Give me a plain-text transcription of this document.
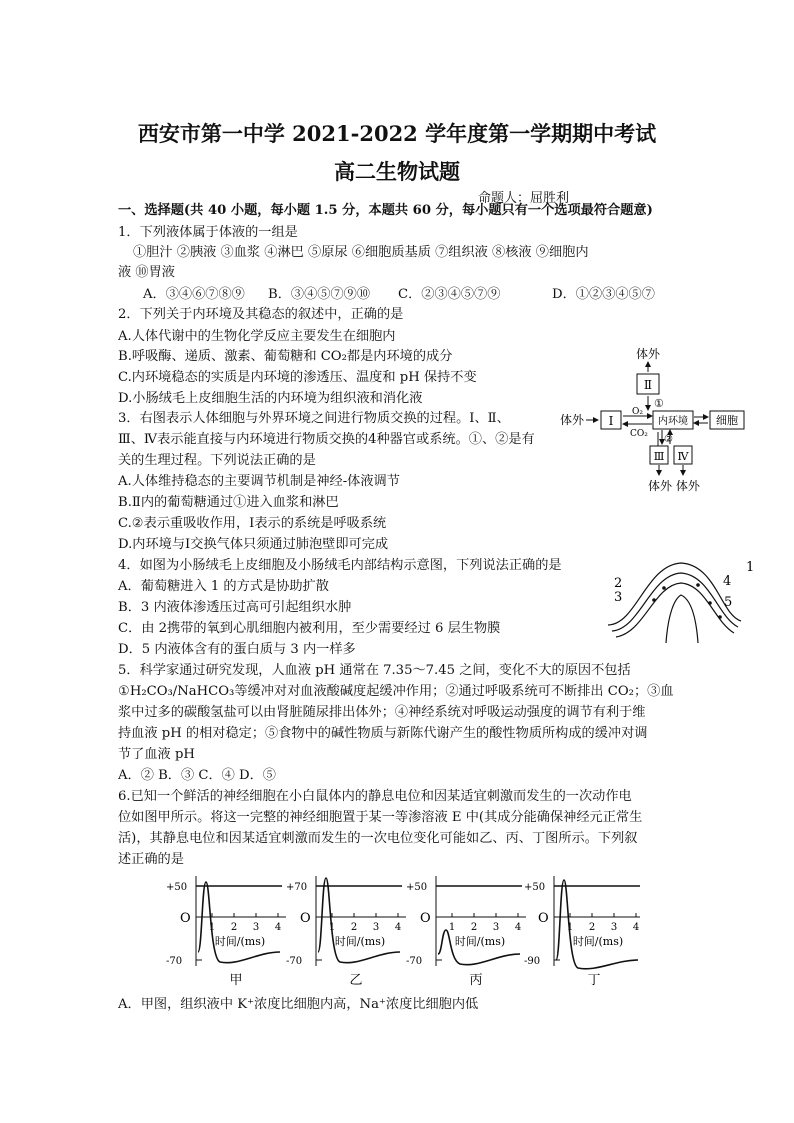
西安市第一中学 2021-2022 学年度第一学期期中考试
高二生物试题
命题人：屈胜利
一、选择题(共 40 小题，每小题 1.5 分，本题共 60 分，每小题只有一个选项最符合题意)
1．下列液体属于体液的一组是
①胆汁 ②胰液 ③血浆 ④淋巴 ⑤原尿 ⑥细胞质基质 ⑦组织液 ⑧核液 ⑨细胞内
液 ⑩胃液
A．③④⑥⑦⑧⑨ B．③④⑤⑦⑨⑩ C．②③④⑤⑦⑨	D．①②③④⑤⑦
2．下列关于内环境及其稳态的叙述中，正确的是
A.人体代谢中的生物化学反应主要发生在细胞内
B.呼吸酶、递质、激素、葡萄糖和 CO₂都是内环境的成分
C.内环境稳态的实质是内环境的渗透压、温度和 pH 保持不变
D.小肠绒毛上皮细胞生活的内环境为组织液和消化液
3．右图表示人体细胞与外界环境之间进行物质交换的过程。Ⅰ、Ⅱ、
Ⅲ、Ⅳ表示能直接与内环境进行物质交换的4种器官或系统。①、②是有
关的生理过程。下列说法正确的是
A.人体维持稳态的主要调节机制是神经-体液调节
B.Ⅱ内的葡萄糖通过①进入血浆和淋巴
C.②表示重吸收作用，Ⅰ表示的系统是呼吸系统
D.内环境与Ⅰ交换气体只须通过肺泡壁即可完成
体外
Ⅱ
①
体外 Ⅰ
O₂
CO₂
内环境	细胞
②
Ⅲ Ⅳ
体外 体外
4．如图为小肠绒毛上皮细胞及小肠绒毛内部结构示意图，下列说法正确的是
A．葡萄糖进入 1 的方式是协助扩散
B．3 内液体渗透压过高可引起组织水肿
C．由 2携带的氧到心肌细胞内被利用，至少需要经过 6 层生物膜
D．5 内液体含有的蛋白质与 3 内一样多
1
2	4
3	5
5．科学家通过研究发现，人血液 pH 通常在 7.35～7.45 之间，变化不大的原因不包括
①H₂CO₃/NaHCO₃等缓冲对对血液酸碱度起缓冲作用；②通过呼吸系统可不断排出 CO₂；③血
浆中过多的碳酸氢盐可以由肾脏随尿排出体外；④神经系统对呼吸运动强度的调节有利于维
持血液 pH 的相对稳定；⑤食物中的碱性物质与新陈代谢产生的酸性物质所构成的缓冲对调
节了血液 pH
A．② B．③ C．④ D．⑤
6.已知一个鲜活的神经细胞在小白鼠体内的静息电位和因某适宜刺激而发生的一次动作电
位如图甲所示。将这一完整的神经细胞置于某一等渗溶液 E 中(其成分能确保神经元正常生
活)，其静息电位和因某适宜刺激而发生的一次电位变化可能如乙、丙、丁图所示。下列叙
述正确的是
+50
-70
O
1 2 3 4
时间/(ms)
甲
+70
-70
O
1 2 3 4
时间/(ms)
乙
+50
-70
O
1 2 3 4
时间/(ms)
丙
+50
-90
O
1 2 3 4
时间/(ms)
丁
A．甲图，组织液中 K⁺浓度比细胞内高，Na⁺浓度比细胞内低
